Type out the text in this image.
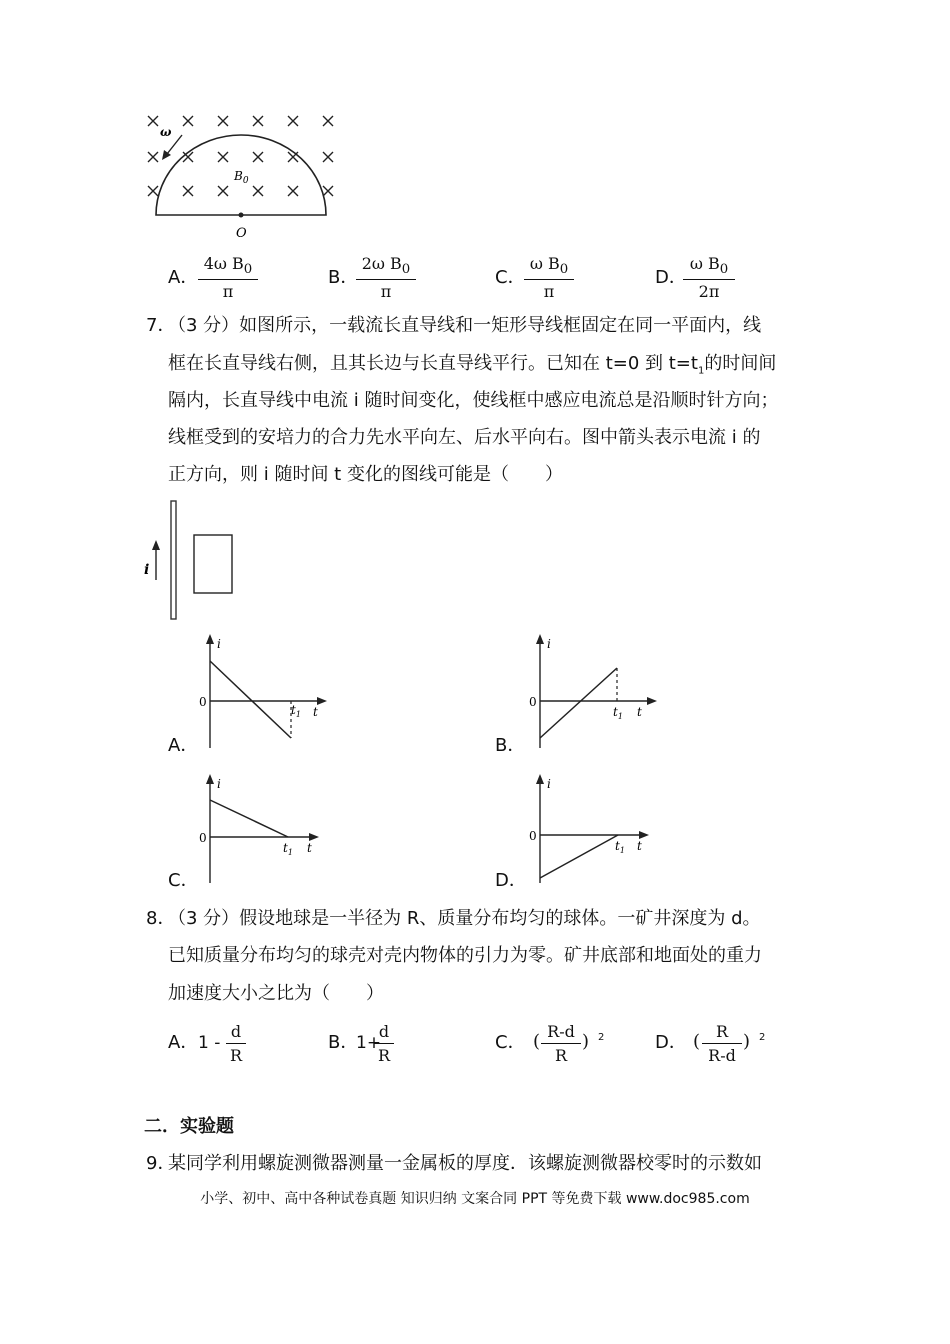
ω
$B_0$
O
A． $\frac{4\omega B_0}{\pi}$	B．
$\frac{2\omega B_0}{\pi}$	C．
$\frac{\omega B_0}{\pi}$	D．
$\frac{\omega B_0}{2\pi}$
7．
（3 分）如图所示，一载流长直导线和一矩形导线框固定在同一平面内，线
框在长直导线右侧，且其长边与长直导线平行。已知在 t=0 到 $t=t_1$的时间间
隔内，长直导线中电流 i 随时间变化，使线框中感应电流总是沿顺时针方向；
线框受到的安培力的合力先水平向左、后水平向右。图中箭头表示电流 i 的
正方向，则 i 随时间 t 变化的图线可能是（　　）
i
i
0
t
$t_1$
A．
i
0
t
$t_1$
B．
i
0
t
$t_1$
C．
i
0
t
$t_1$
D．
8．
（3 分）假设地球是一半径为 R、质量分布均匀的球体。一矿井深度为 d。
已知质量分布均匀的球壳对壳内物体的引力为零。矿井底部和地面处的重力
加速度大小之比为（　　）
A． $1 - \frac{d}{R}$	B．
1+
$\frac{d}{R}$	C． ( $\frac{R-d}{R}$ ) 2	D． ( $\frac{R}{R-d}$ ) 2
二．实验题
9．
某同学利用螺旋测微器测量一金属板的厚度．该螺旋测微器校零时的示数如
小学、初中、高中各种试卷真题 知识归纳 文案合同 PPT 等免费下载 www.doc985.com
